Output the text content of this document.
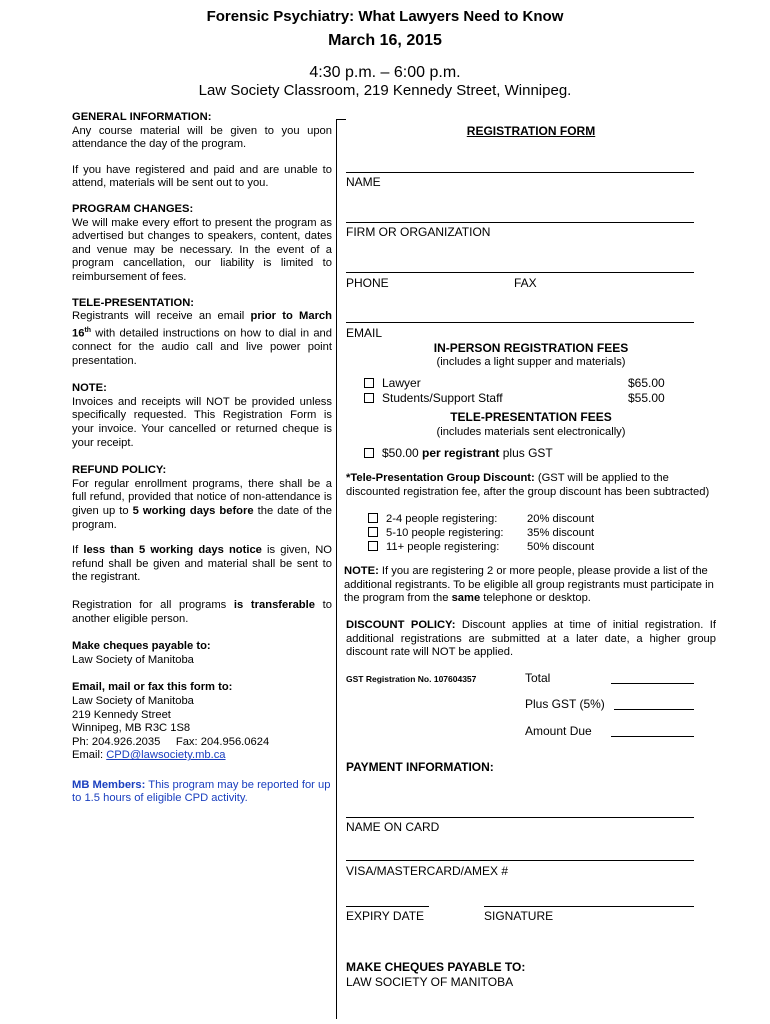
Forensic Psychiatry: What Lawyers Need to Know
March 16, 2015
4:30 p.m. – 6:00 p.m.
Law Society Classroom, 219 Kennedy Street, Winnipeg.

GENERAL INFORMATION:
Any course material will be given to you upon attendance the day of the program.

If you have registered and paid and are unable to attend, materials will be sent out to you.

PROGRAM CHANGES:
We will make every effort to present the program as advertised but changes to speakers, content, dates and venue may be necessary. In the event of a program cancellation, our liability is limited to reimbursement of fees.

TELE-PRESENTATION:
Registrants will receive an email prior to March 16th with detailed instructions on how to dial in and connect for the audio call and live power point presentation.

NOTE:
Invoices and receipts will NOT be provided unless specifically requested. This Registration Form is your invoice. Your cancelled or returned cheque is your receipt.

REFUND POLICY:
For regular enrollment programs, there shall be a full refund, provided that notice of non-attendance is given up to 5 working days before the date of the program.

If less than 5 working days notice is given, NO refund shall be given and material shall be sent to the registrant.

Registration for all programs is transferable to another eligible person.

Make cheques payable to:
Law Society of Manitoba

Email, mail or fax this form to:
Law Society of Manitoba
219 Kennedy Street
Winnipeg, MB R3C 1S8
Ph: 204.926.2035     Fax: 204.956.0624
Email: CPD@lawsociety.mb.ca

MB Members: This program may be reported for up to 1.5 hours of eligible CPD activity.

REGISTRATION FORM
NAME
FIRM OR ORGANIZATION
PHONE	FAX
EMAIL
IN-PERSON REGISTRATION FEES
(includes a light supper and materials)
Lawyer	$65.00
Students/Support Staff	$55.00
TELE-PRESENTATION FEES
(includes materials sent electronically)
$50.00 per registrant plus GST
*Tele-Presentation Group Discount: (GST will be applied to the discounted registration fee, after the group discount has been subtracted)
2-4 people registering:	20% discount
5-10 people registering: 35% discount
11+ people registering: 50% discount
NOTE: If you are registering 2 or more people, please provide a list of the additional registrants. To be eligible all group registrants must participate in the program from the same telephone or desktop.
DISCOUNT POLICY: Discount applies at time of initial registration. If additional registrations are submitted at a later date, a higher group discount rate will NOT be applied.
GST Registration No. 107604357	Total
Plus GST (5%)
Amount Due
PAYMENT INFORMATION:
NAME ON CARD
VISA/MASTERCARD/AMEX #
EXPIRY DATE	SIGNATURE
MAKE CHEQUES PAYABLE TO:
LAW SOCIETY OF MANITOBA
